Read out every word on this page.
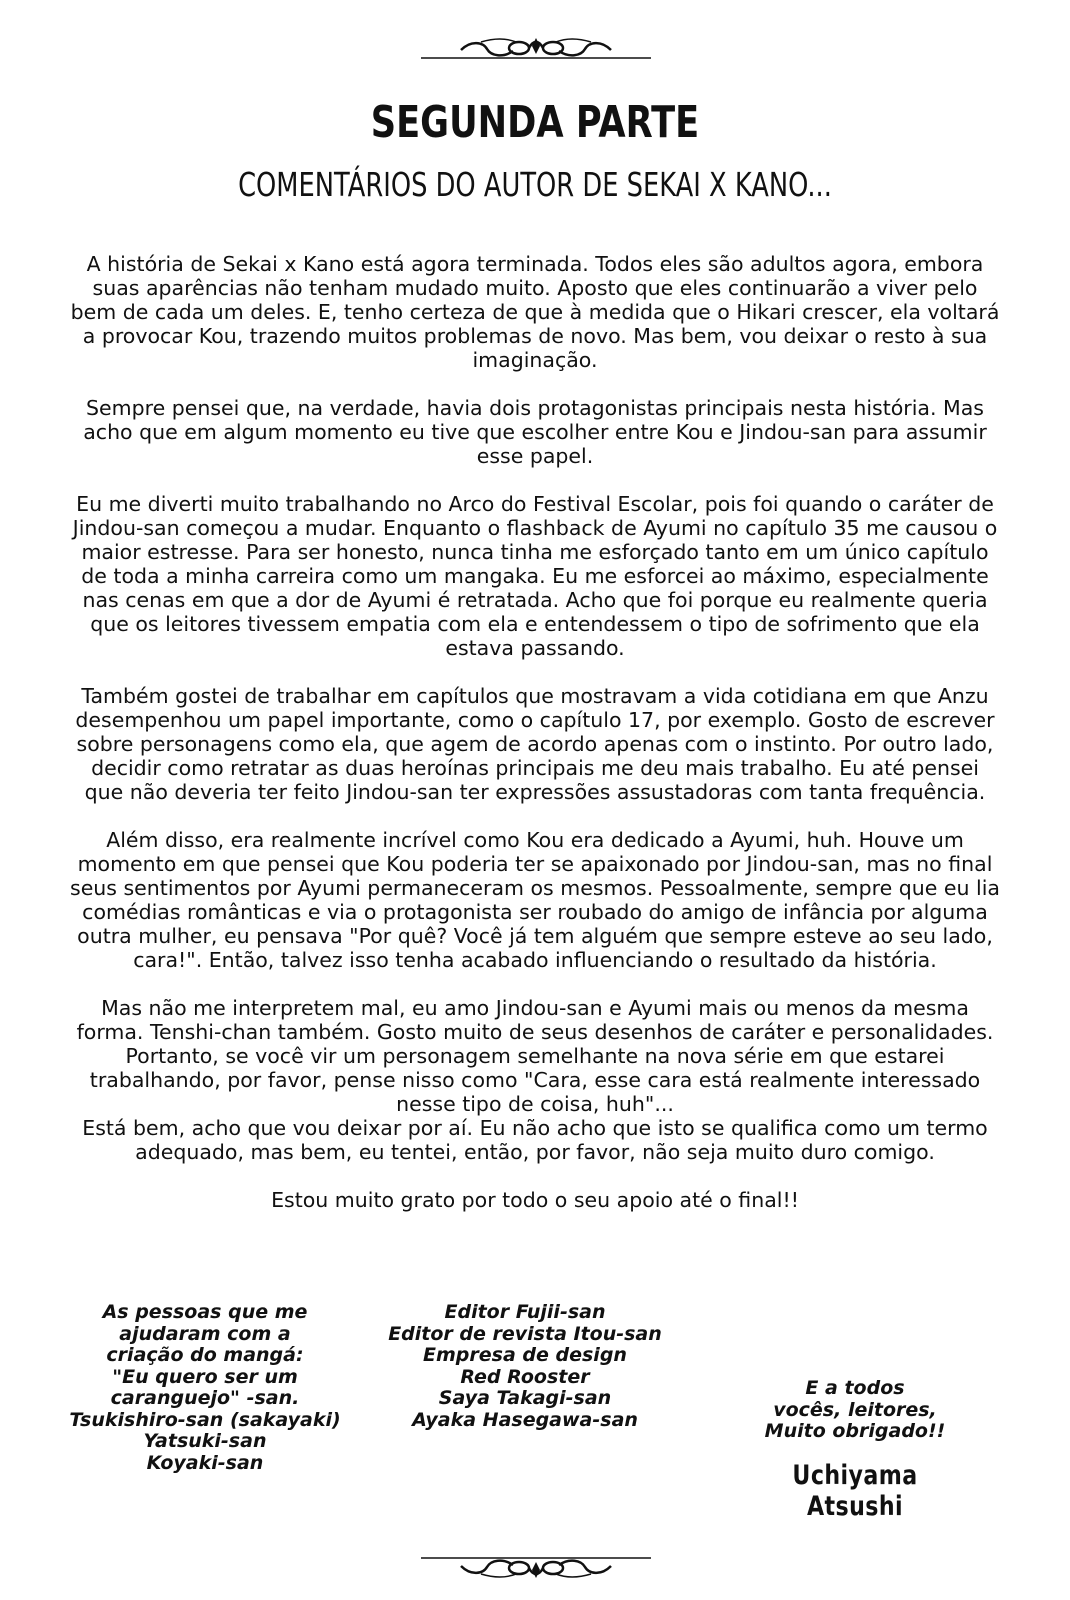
SEGUNDA PARTE
COMENTÁRIOS DO AUTOR DE SEKAI X KANO...

A história de Sekai x Kano está agora terminada. Todos eles são adultos agora, embora suas aparências não tenham mudado muito. Aposto que eles continuarão a viver pelo bem de cada um deles. E, tenho certeza de que à medida que o Hikari crescer, ela voltará a provocar Kou, trazendo muitos problemas de novo. Mas bem, vou deixar o resto à sua imaginação.

Sempre pensei que, na verdade, havia dois protagonistas principais nesta história. Mas acho que em algum momento eu tive que escolher entre Kou e Jindou-san para assumir esse papel.

Eu me diverti muito trabalhando no Arco do Festival Escolar, pois foi quando o caráter de Jindou-san começou a mudar. Enquanto o flashback de Ayumi no capítulo 35 me causou o maior estresse. Para ser honesto, nunca tinha me esforçado tanto em um único capítulo de toda a minha carreira como um mangaka. Eu me esforcei ao máximo, especialmente nas cenas em que a dor de Ayumi é retratada. Acho que foi porque eu realmente queria que os leitores tivessem empatia com ela e entendessem o tipo de sofrimento que ela estava passando.

Também gostei de trabalhar em capítulos que mostravam a vida cotidiana em que Anzu desempenhou um papel importante, como o capítulo 17, por exemplo. Gosto de escrever sobre personagens como ela, que agem de acordo apenas com o instinto. Por outro lado, decidir como retratar as duas heroínas principais me deu mais trabalho. Eu até pensei que não deveria ter feito Jindou-san ter expressões assustadoras com tanta frequência.

Além disso, era realmente incrível como Kou era dedicado a Ayumi, huh. Houve um momento em que pensei que Kou poderia ter se apaixonado por Jindou-san, mas no final seus sentimentos por Ayumi permaneceram os mesmos. Pessoalmente, sempre que eu lia comédias românticas e via o protagonista ser roubado do amigo de infância por alguma outra mulher, eu pensava "Por quê? Você já tem alguém que sempre esteve ao seu lado, cara!". Então, talvez isso tenha acabado influenciando o resultado da história.

Mas não me interpretem mal, eu amo Jindou-san e Ayumi mais ou menos da mesma forma. Tenshi-chan também. Gosto muito de seus desenhos de caráter e personalidades. Portanto, se você vir um personagem semelhante na nova série em que estarei trabalhando, por favor, pense nisso como "Cara, esse cara está realmente interessado nesse tipo de coisa, huh"...

Está bem, acho que vou deixar por aí. Eu não acho que isto se qualifica como um termo adequado, mas bem, eu tentei, então, por favor, não seja muito duro comigo.

Estou muito grato por todo o seu apoio até o final!!

As pessoas que me
ajudaram com a
criação do mangá:
"Eu quero ser um
caranguejo" -san.
Tsukishiro-san (sakayaki)
Yatsuki-san
Koyaki-san
Editor Fujii-san
Editor de revista Itou-san
Empresa de design
Red Rooster
Saya Takagi-san
Ayaka Hasegawa-san
E a todos
vocês, leitores,
Muito obrigado!!
Uchiyama Atsushi
